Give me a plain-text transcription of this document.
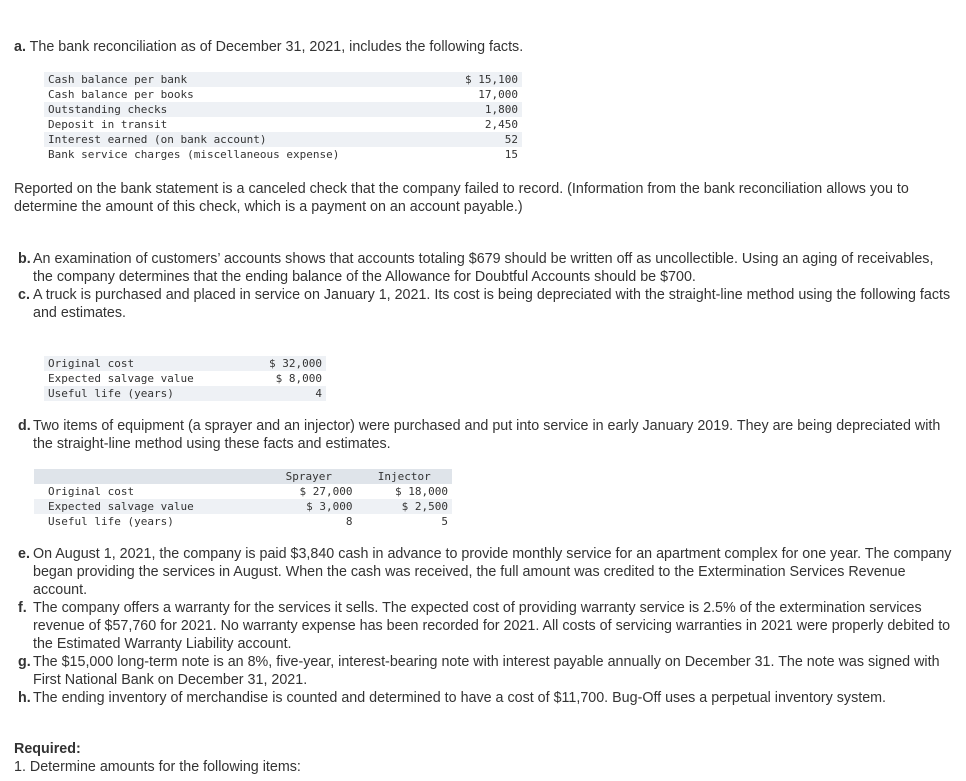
a. The bank reconciliation as of December 31, 2021, includes the following facts.
Cash balance per bank	$ 15,100
Cash balance per books	17,000
Outstanding checks	1,800
Deposit in transit	2,450
Interest earned (on bank account)	52
Bank service charges (miscellaneous expense)	15
Reported on the bank statement is a canceled check that the company failed to record. (Information from the bank reconciliation allows you to determine the amount of this check, which is a payment on an account payable.)
b. An examination of customers’ accounts shows that accounts totaling $679 should be written off as uncollectible. Using an aging of receivables, the company determines that the ending balance of the Allowance for Doubtful Accounts should be $700.
c. A truck is purchased and placed in service on January 1, 2021. Its cost is being depreciated with the straight-line method using the following facts and estimates.
Original cost	$ 32,000
Expected salvage value	$ 8,000
Useful life (years)	4
d. Two items of equipment (a sprayer and an injector) were purchased and put into service in early January 2019. They are being depreciated with the straight-line method using these facts and estimates.
	Sprayer	Injector
Original cost	$ 27,000	$ 18,000
Expected salvage value	$ 3,000	$ 2,500
Useful life (years)	8	5
e. On August 1, 2021, the company is paid $3,840 cash in advance to provide monthly service for an apartment complex for one year. The company began providing the services in August. When the cash was received, the full amount was credited to the Extermination Services Revenue account.
f. The company offers a warranty for the services it sells. The expected cost of providing warranty service is 2.5% of the extermination services revenue of $57,760 for 2021. No warranty expense has been recorded for 2021. All costs of servicing warranties in 2021 were properly debited to the Estimated Warranty Liability account.
g. The $15,000 long-term note is an 8%, five-year, interest-bearing note with interest payable annually on December 31. The note was signed with First National Bank on December 31, 2021.
h. The ending inventory of merchandise is counted and determined to have a cost of $11,700. Bug-Off uses a perpetual inventory system.
Required:
1. Determine amounts for the following items:
